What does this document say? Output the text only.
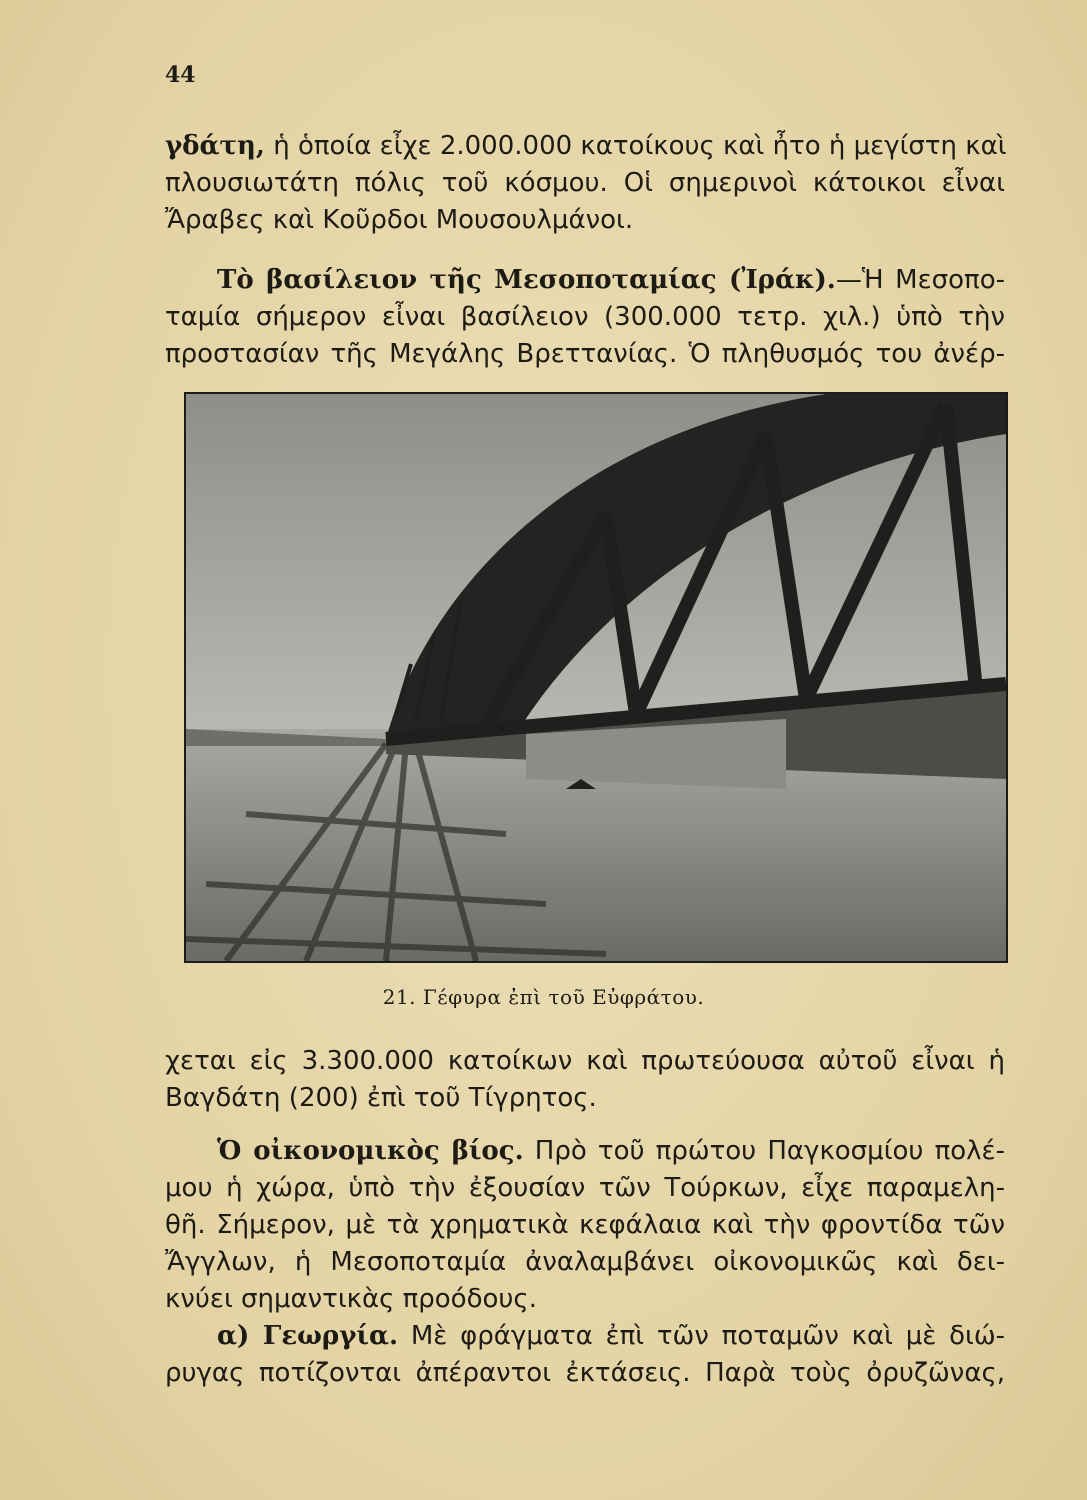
44
γδάτη, ἡ ὁποία εἶχε 2.000.000 κατοίκους καὶ ἦτο ἡ μεγίστη καὶ
πλουσιωτάτη πόλις τοῦ κόσμου. Οἱ σημερινοὶ κάτοικοι εἶναι
Ἄραβες καὶ Κοῦρδοι Μουσουλμάνοι.
Τὸ βασίλειον τῆς Μεσοποταμίας (Ἰράκ).—Ἡ Μεσοπο-
ταμία σήμερον εἶναι βασίλειον (300.000 τετρ. χιλ.) ὑπὸ τὴν
προστασίαν τῆς Μεγάλης Βρεττανίας. Ὁ πληθυσμός του ἀνέρ-
21. Γέφυρα ἐπὶ τοῦ Εὐφράτου.
χεται εἰς 3.300.000 κατοίκων καὶ πρωτεύουσα αὐτοῦ εἶναι ἡ
Βαγδάτη (200) ἐπὶ τοῦ Τίγρητος.
Ὁ οἰκονομικὸς βίος. Πρὸ τοῦ πρώτου Παγκοσμίου πολέ-
μου ἡ χώρα, ὑπὸ τὴν ἐξουσίαν τῶν Τούρκων, εἶχε παραμελη-
θῆ. Σήμερον, μὲ τὰ χρηματικὰ κεφάλαια καὶ τὴν φροντίδα τῶν
Ἄγγλων, ἡ Μεσοποταμία ἀναλαμβάνει οἰκονομικῶς καὶ δει-
κνύει σημαντικὰς προόδους.
α) Γεωργία. Μὲ φράγματα ἐπὶ τῶν ποταμῶν καὶ μὲ διώ-
ρυγας ποτίζονται ἀπέραντοι ἐκτάσεις. Παρὰ τοὺς ὀρυζῶνας,
